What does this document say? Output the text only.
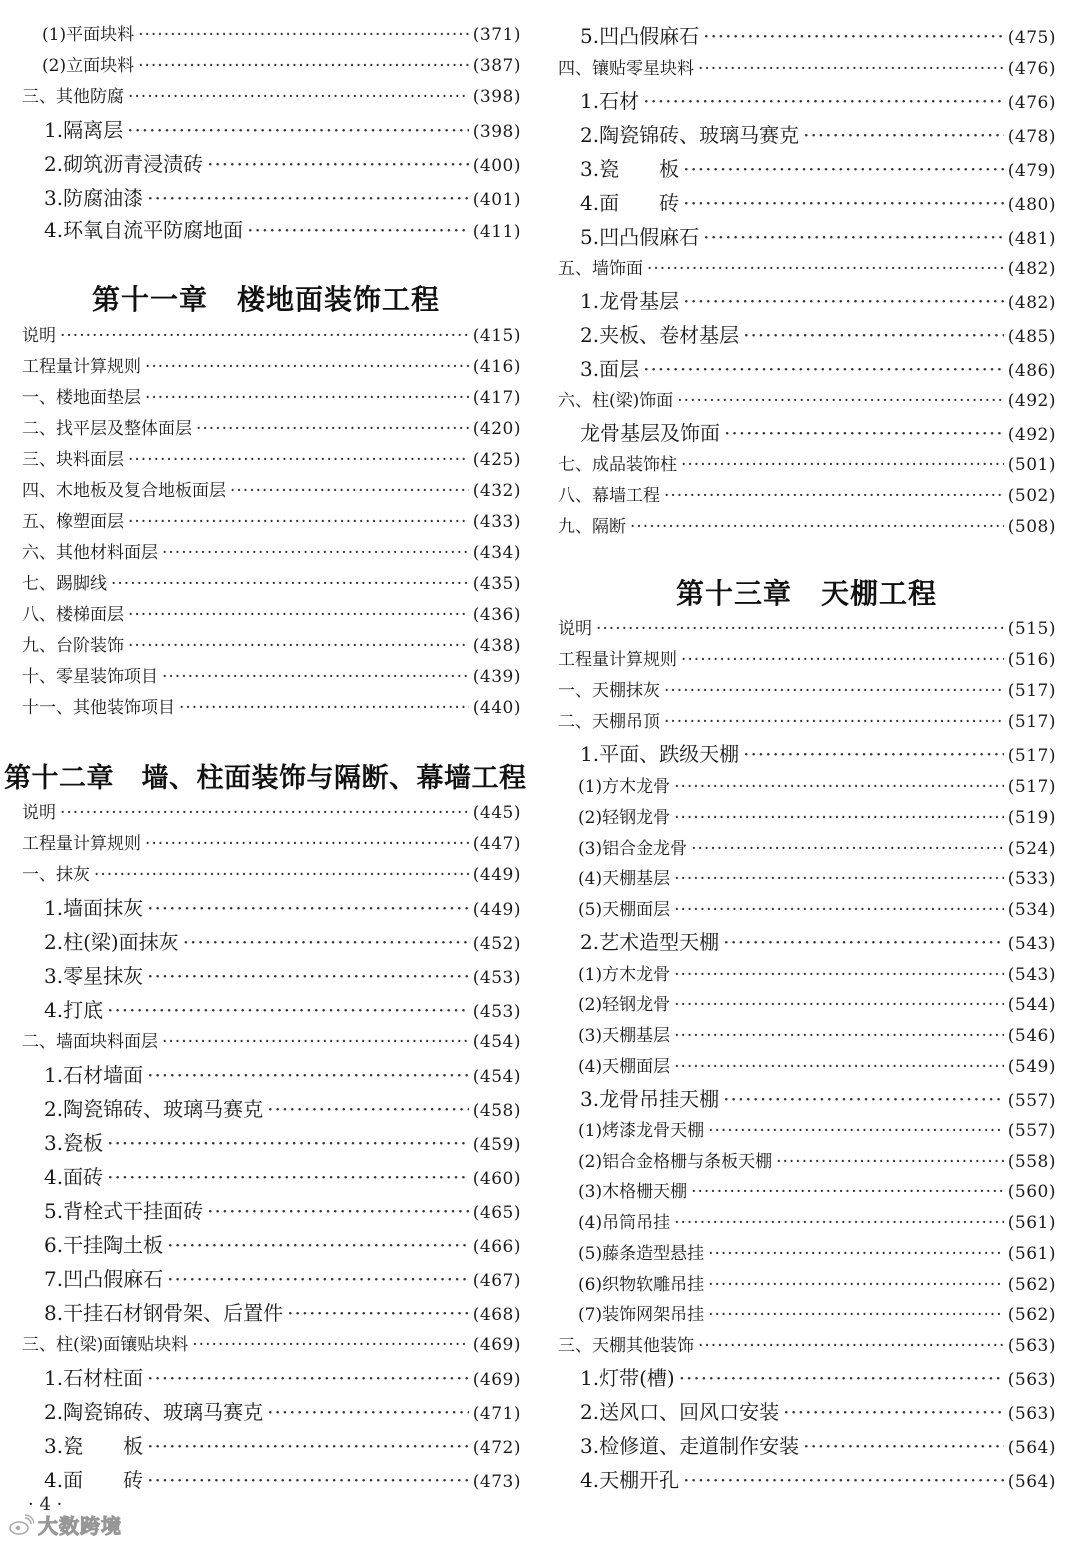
(1)平面块料 ·····	(371)
(2)立面块料 ·····	(387)
三、其他防腐 ·····	(398)
1.隔离层 ·····	(398)
2.砌筑沥青浸渍砖 ·····	(400)
3.防腐油漆 ·····	(401)
4.环氧自流平防腐地面 ·····	(411)
说明 ·····	(415)
工程量计算规则 ·····	(416)
一、楼地面垫层 ·····	(417)
二、找平层及整体面层 ·····	(420)
三、块料面层 ·····	(425)
四、木地板及复合地板面层 ·····	(432)
五、橡塑面层 ·····	(433)
六、其他材料面层 ·····	(434)
七、踢脚线 ·····	(435)
八、楼梯面层 ·····	(436)
九、台阶装饰 ·····	(438)
十、零星装饰项目 ·····	(439)
十一、其他装饰项目 ·····	(440)
说明 ·····	(445)
工程量计算规则 ·····	(447)
一、抹灰 ·····	(449)
1.墙面抹灰 ·····	(449)
2.柱(梁)面抹灰 ·····	(452)
3.零星抹灰 ·····	(453)
4.打底 ·····	(453)
二、墙面块料面层 ·····	(454)
1.石材墙面 ·····	(454)
2.陶瓷锦砖、玻璃马赛克 ·····	(458)
3.瓷板 ·····	(459)
4.面砖 ·····	(460)
5.背栓式干挂面砖 ·····	(465)
6.干挂陶土板 ·····	(466)
7.凹凸假麻石 ·····	(467)
8.干挂石材钢骨架、后置件 ·····	(468)
三、柱(梁)面镶贴块料 ·····	(469)
1.石材柱面 ·····	(469)
2.陶瓷锦砖、玻璃马赛克 ·····	(471)
3.瓷　　板 ·····	(472)
4.面　　砖 ·····	(473)
5.凹凸假麻石 ·····	(475)
四、镶贴零星块料 ·····	(476)
1.石材 ·····	(476)
2.陶瓷锦砖、玻璃马赛克 ·····	(478)
3.瓷　　板 ·····	(479)
4.面　　砖 ·····	(480)
5.凹凸假麻石 ·····	(481)
五、墙饰面 ·····	(482)
1.龙骨基层 ·····	(482)
2.夹板、卷材基层 ·····	(485)
3.面层 ·····	(486)
六、柱(梁)饰面 ·····	(492)
龙骨基层及饰面 ·····	(492)
七、成品装饰柱 ·····	(501)
八、幕墙工程 ·····	(502)
九、隔断 ·····	(508)
说明 ·····	(515)
工程量计算规则 ·····	(516)
一、天棚抹灰 ·····	(517)
二、天棚吊顶 ·····	(517)
1.平面、跌级天棚 ·····	(517)
(1)方木龙骨 ·····	(517)
(2)轻钢龙骨 ·····	(519)
(3)铝合金龙骨 ·····	(524)
(4)天棚基层 ·····	(533)
(5)天棚面层 ·····	(534)
2.艺术造型天棚 ·····	(543)
(1)方木龙骨 ·····	(543)
(2)轻钢龙骨 ·····	(544)
(3)天棚基层 ·····	(546)
(4)天棚面层 ·····	(549)
3.龙骨吊挂天棚 ·····	(557)
(1)烤漆龙骨天棚 ·····	(557)
(2)铝合金格栅与条板天棚 ·····	(558)
(3)木格栅天棚 ·····	(560)
(4)吊筒吊挂 ·····	(561)
(5)藤条造型悬挂 ·····	(561)
(6)织物软雕吊挂 ·····	(562)
(7)装饰网架吊挂 ·····	(562)
三、天棚其他装饰 ·····	(563)
1.灯带(槽) ·····	(563)
2.送风口、回风口安装 ·····	(563)
3.检修道、走道制作安装 ·····	(564)
4.天棚开孔 ·····	(564)
第十一章　楼地面装饰工程
第十二章　墙、柱面装饰与隔断、幕墙工程
第十三章　天棚工程
· 4 ·
大数跨境
